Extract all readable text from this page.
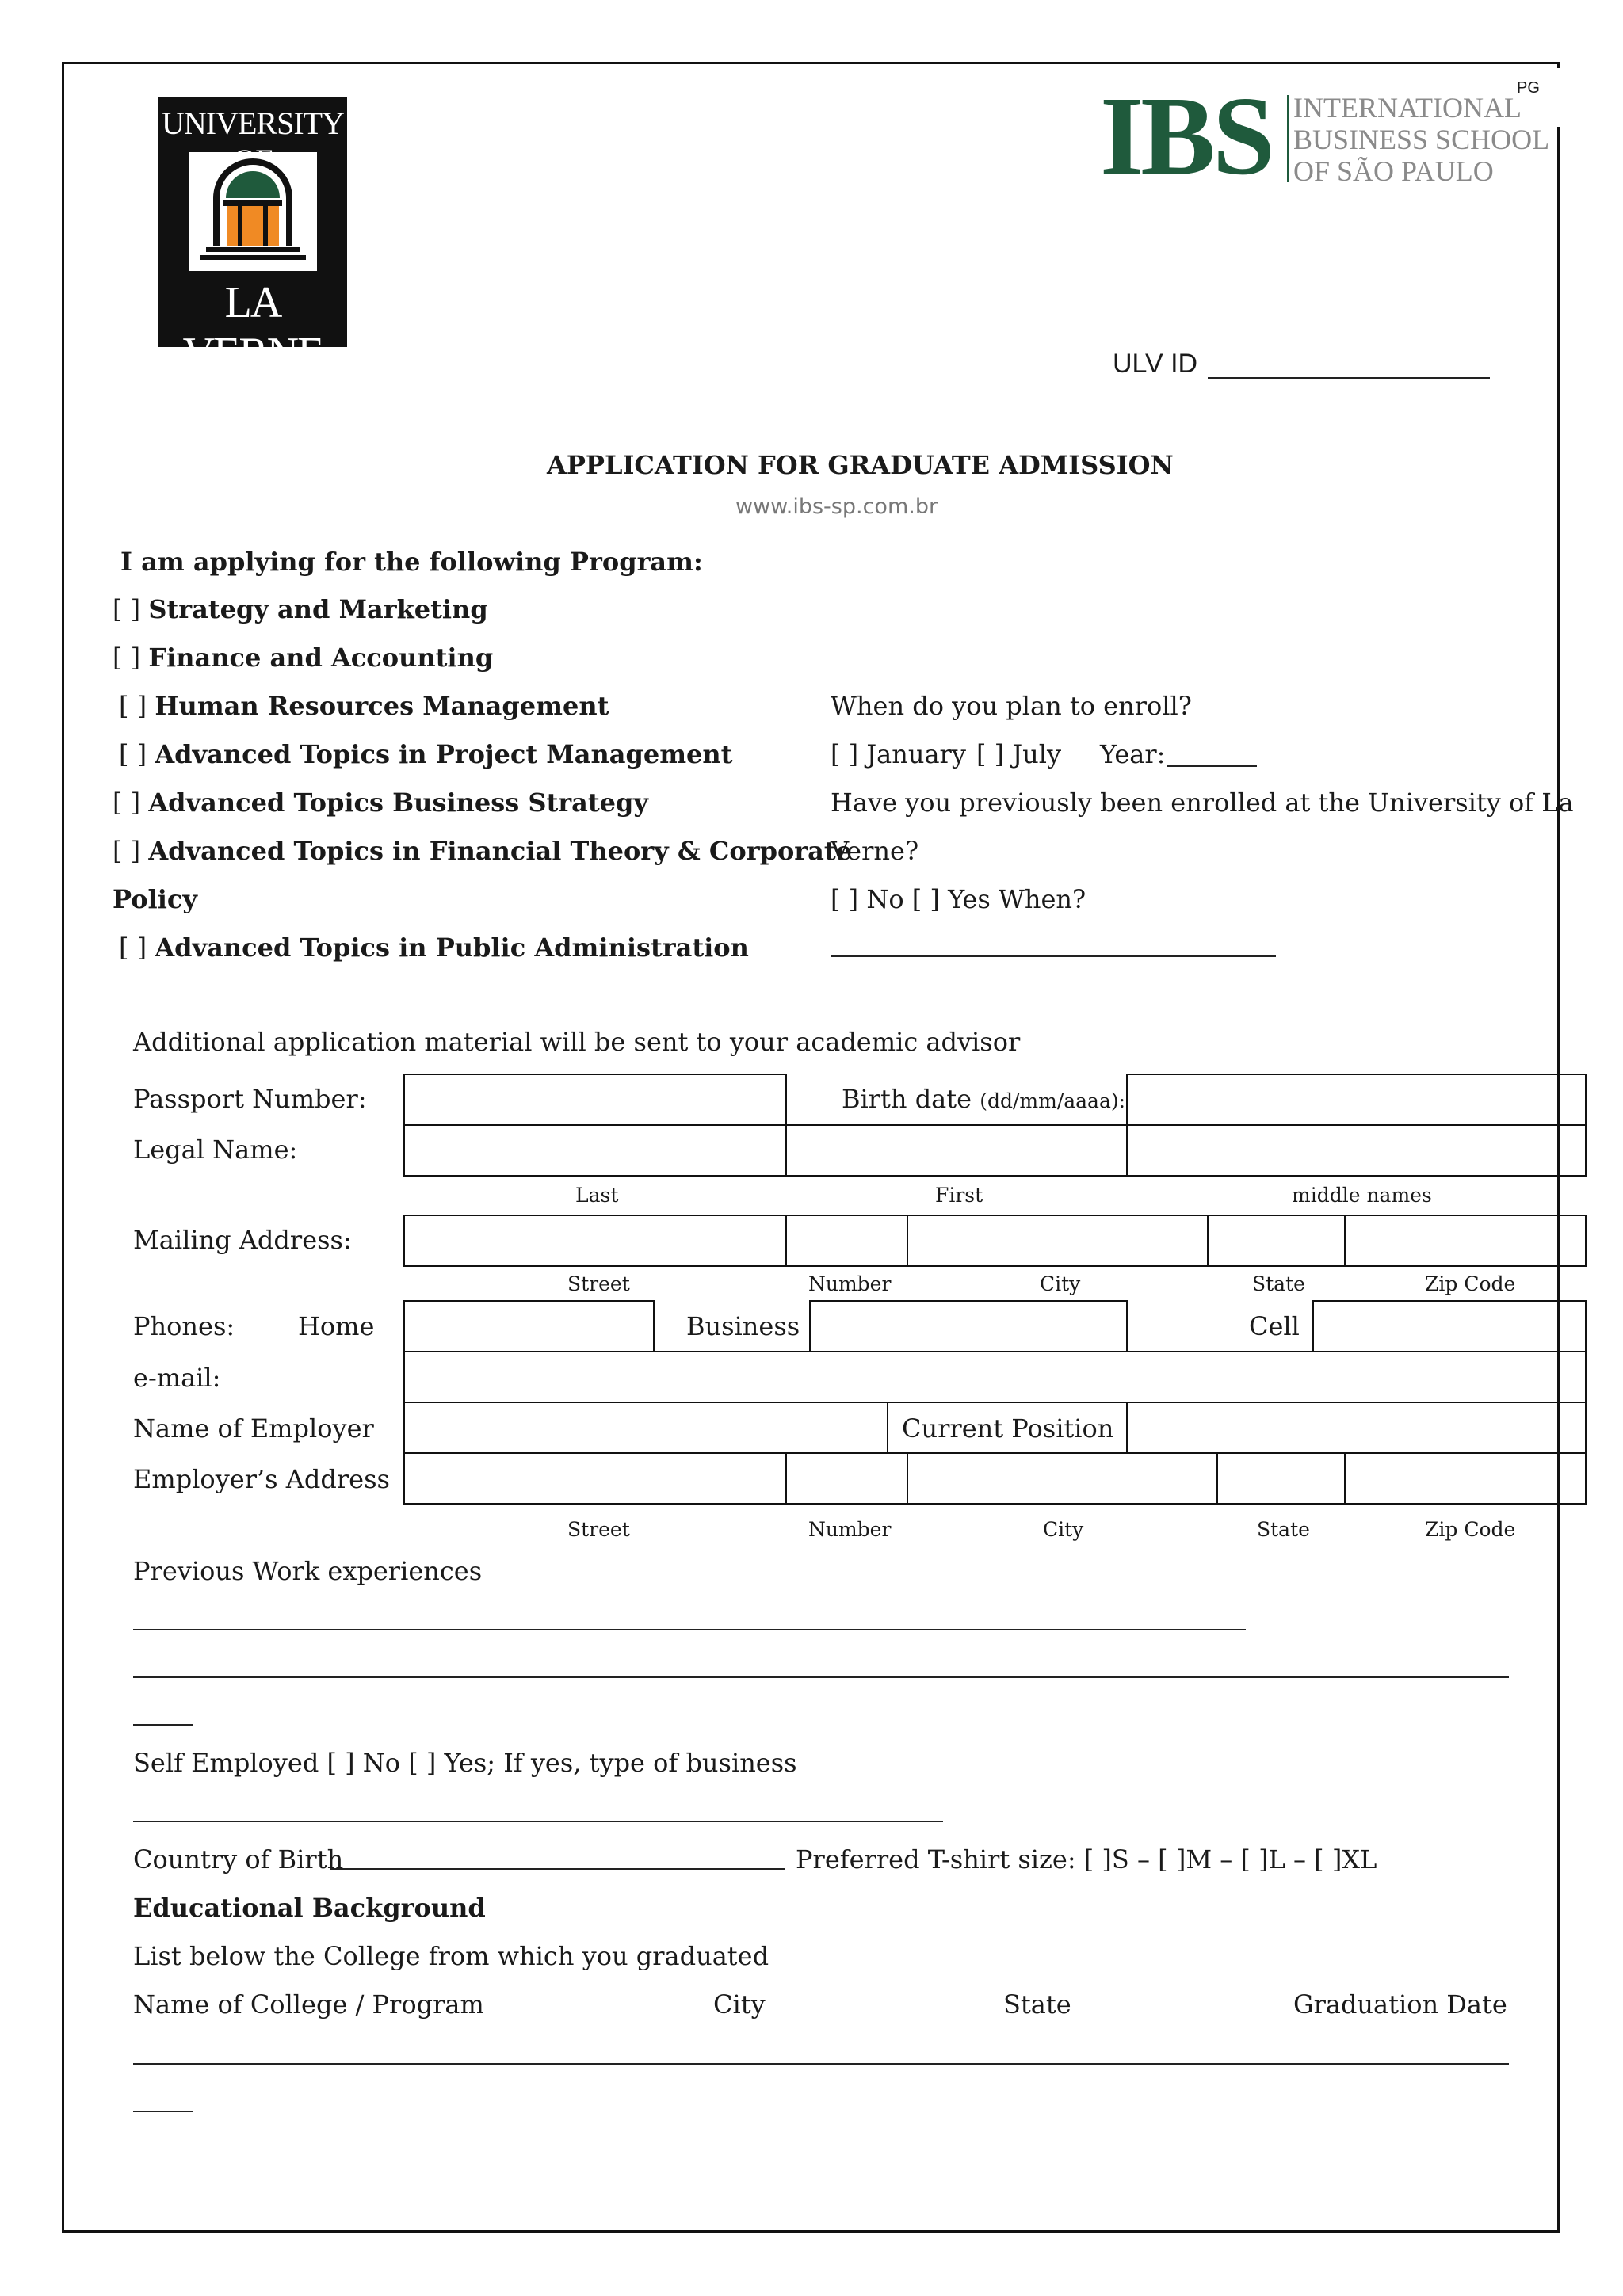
UNIVERSITY
LA VERNE
IBS INTERNATIONAL
BUSINESS SCHOOL
OF SÃO PAULO
PG
ULV ID
APPLICATION FOR GRADUATE ADMISSION
www.ibs-sp.com.br
I am applying for the following Program:
[ ] Strategy and Marketing
[ ] Finance and Accounting
[ ] Human Resources Management
[ ] Advanced Topics in Project Management
[ ] Advanced Topics Business Strategy
[ ] Advanced Topics in Financial Theory & Corporate
Policy
[ ] Advanced Topics in Public Administration
When do you plan to enroll?
[ ] January [ ] July Year:
Have you previously been enrolled at the University of La
Verne?
[ ] No [ ] Yes When?
Additional application material will be sent to your academic advisor
Passport Number:	Birth date (dd/mm/aaaa):
Legal Name:
Last	First	middle names
Mailing Address:
Street	Number	City	State	Zip Code
Phones: Home	Business	Cell
e-mail:
Name of Employer	Current Position
Employer’s Address
Street	Number	City	State	Zip Code
Previous Work experiences
Self Employed [ ] No [ ] Yes; If yes, type of business
Country of Birth	Preferred T-shirt size: [ ]S – [ ]M – [ ]L – [ ]XL
Educational Background
List below the College from which you graduated
Name of College / Program	City	State	Graduation Date
